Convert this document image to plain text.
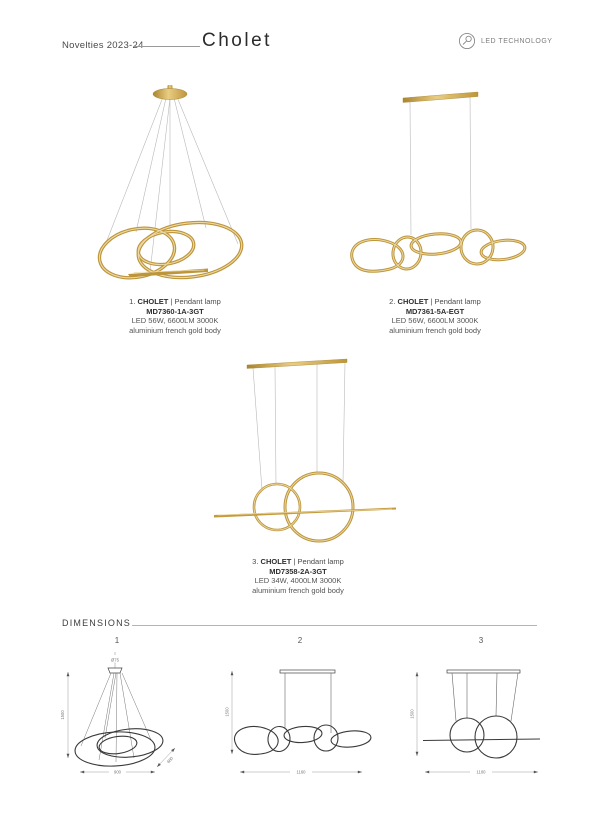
Novelties 2023-24	Cholet	LED TECHNOLOGY
1. CHOLET | Pendant lamp
MD7360-1A-3GT
LED 56W, 6600LM 3000K
aluminium french gold body
2. CHOLET | Pendant lamp
MD7361-5A-EGT
LED 56W, 6600LM 3000K
aluminium french gold body
3. CHOLET | Pendant lamp
MD7358-2A-3GT
LED 34W, 4000LM 3000K
aluminium french gold body
DIMENSIONS
1	2	3
Ø75
1500
900
680
1500
1160
1500
1100
